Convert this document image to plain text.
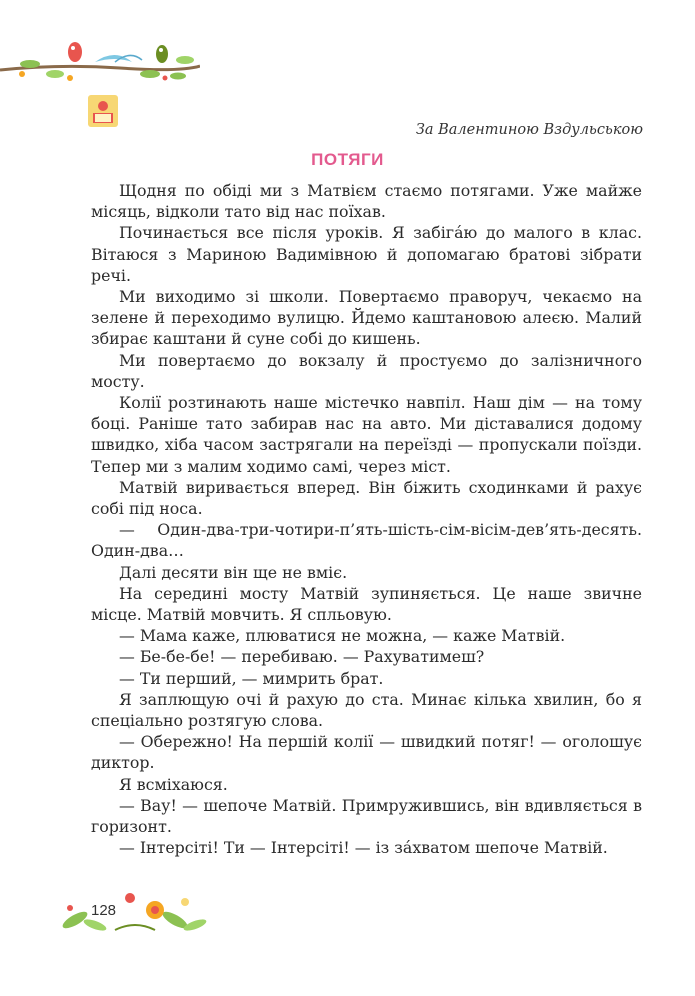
За Валентиною Вздульською
ПОТЯГИ

Щодня по обіді ми з Матвієм стаємо потягами. Уже майже місяць, відколи тато від нас поїхав.

Починається все після уроків. Я забіга́ю до малого в клас. Вітаюся з Мариною Вадимівною й допомагаю братові зібрати речі.

Ми виходимо зі школи. Повертаємо праворуч, чекаємо на зелене й переходимо вулицю. Йдемо каштановою алеєю. Малий збирає каштани й суне собі до кишень.

Ми повертаємо до вокзалу й простуємо до залізничного мосту.

Колії розтинають наше містечко навпіл. Наш дім — на тому боці. Раніше тато забирав нас на авто. Ми діставалися додому швидко, хіба часом застрягали на переїзді — пропускали поїзди. Тепер ми з малим ходимо самі, через міст.

Матвій виривається вперед. Він біжить сходинками й рахує собі під носа.

— Один-два-три-чотири-п’ять-шість-сім-вісім-дев’ять-десять. Один-два…

Далі десяти він ще не вміє.

На середині мосту Матвій зупиняється. Це наше звичне місце. Матвій мовчить. Я спльовую.

— Мама каже, плюватися не можна, — каже Матвій.

— Бе-бе-бе! — перебиваю. — Рахуватимеш?

— Ти перший, — мимрить брат.

Я заплющую очі й рахую до ста. Минає кілька хвилин, бо я спеціально розтягую слова.

— Обережно! На першій колії — швидкий потяг! — оголошує диктор.

Я всміхаюся.

— Вау! — шепоче Матвій. Примружившись, він вдивляється в горизонт.

— Інтерсіті! Ти — Інтерсіті! — із за́хватом шепоче Матвій.

128
